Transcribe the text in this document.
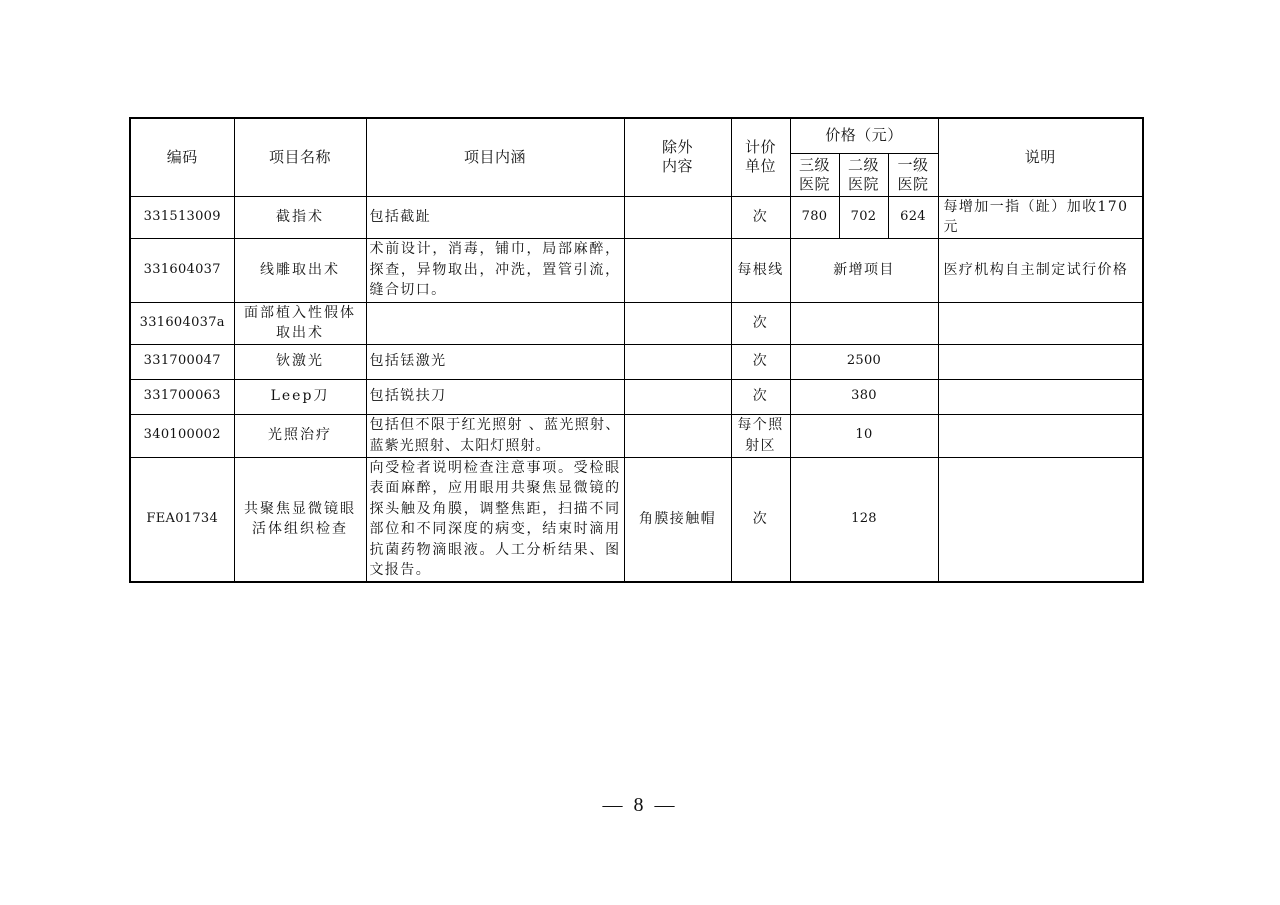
编码	项目名称	项目内涵	除外内容	计价单位	价格（元）			说明
					三级医院	二级医院	一级医院	
331513009	截指术	包括截趾		次	780	702	624	每增加一指（趾）加收170元
331604037	线雕取出术	术前设计，消毒，铺巾，局部麻醉，探查，异物取出，冲洗，置管引流，缝合切口。		每根线	新增项目			医疗机构自主制定试行价格
331604037a	面部植入性假体取出术			次				
331700047	钬激光	包括铥激光		次	2500			
331700063	Leep刀	包括锐扶刀		次	380			
340100002	光照治疗	包括但不限于红光照射 、蓝光照射、蓝紫光照射、太阳灯照射。		每个照射区	10			
FEA01734	共聚焦显微镜眼活体组织检查	向受检者说明检查注意事项。受检眼表面麻醉，应用眼用共聚焦显微镜的探头触及角膜，调整焦距，扫描不同部位和不同深度的病变，结束时滴用抗菌药物滴眼液。人工分析结果、图文报告。	角膜接触帽	次	128			
— 8 —
